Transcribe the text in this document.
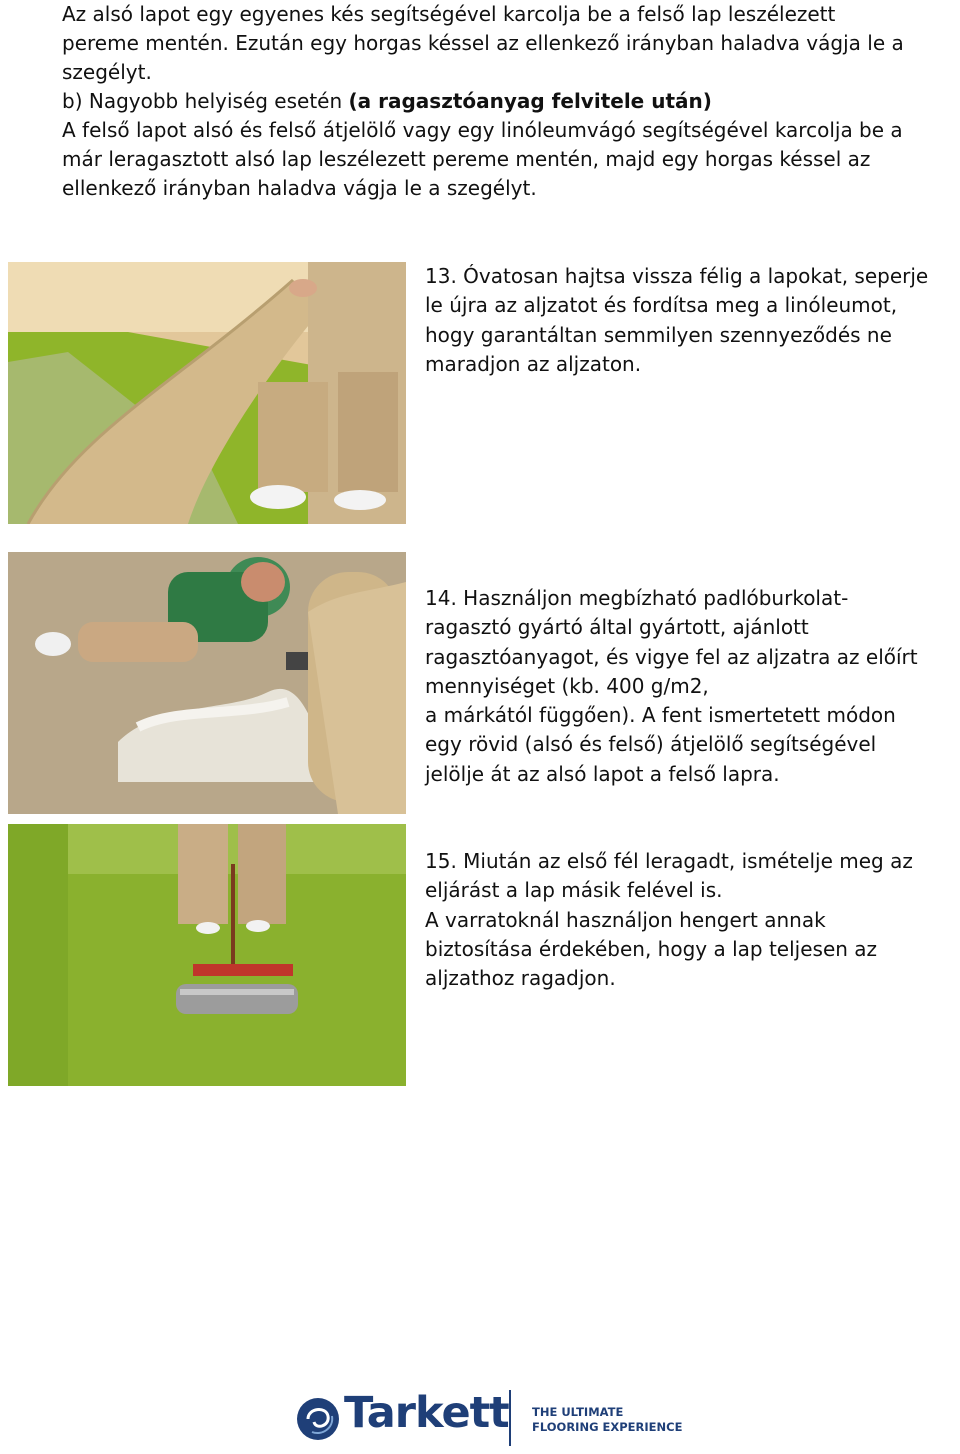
Az alsó lapot egy egyenes kés segítségével karcolja be a felső lap leszélezett
pereme mentén. Ezután egy horgas késsel az ellenkező irányban haladva vágja le a
szegélyt.
b) Nagyobb helyiség esetén (a ragasztóanyag felvitele után)
A felső lapot alsó és felső átjelölő vagy egy linóleumvágó segítségével karcolja be a
már leragasztott alsó lap leszélezett pereme mentén, majd egy horgas késsel az
ellenkező irányban haladva vágja le a szegélyt.
13. Óvatosan hajtsa vissza félig a lapokat, seperje
le újra az aljzatot és fordítsa meg a linóleumot,
hogy garantáltan semmilyen szennyeződés ne
maradjon az aljzaton.
14. Használjon megbízható padlóburkolat-
ragasztó gyártó által gyártott, ajánlott
ragasztóanyagot, és vigye fel az aljzatra az előírt
mennyiséget (kb. 400 g/m2,
a márkától függően). A fent ismertetett módon
egy rövid (alsó és felső) átjelölő segítségével
jelölje át az alsó lapot a felső lapra.
15. Miután az első fél leragadt, ismételje meg az
eljárást a lap másik felével is.
A varratoknál használjon hengert annak
biztosítása érdekében, hogy a lap teljesen az
aljzathoz ragadjon.
Tarkett THE ULTIMATE
FLOORING EXPERIENCE
